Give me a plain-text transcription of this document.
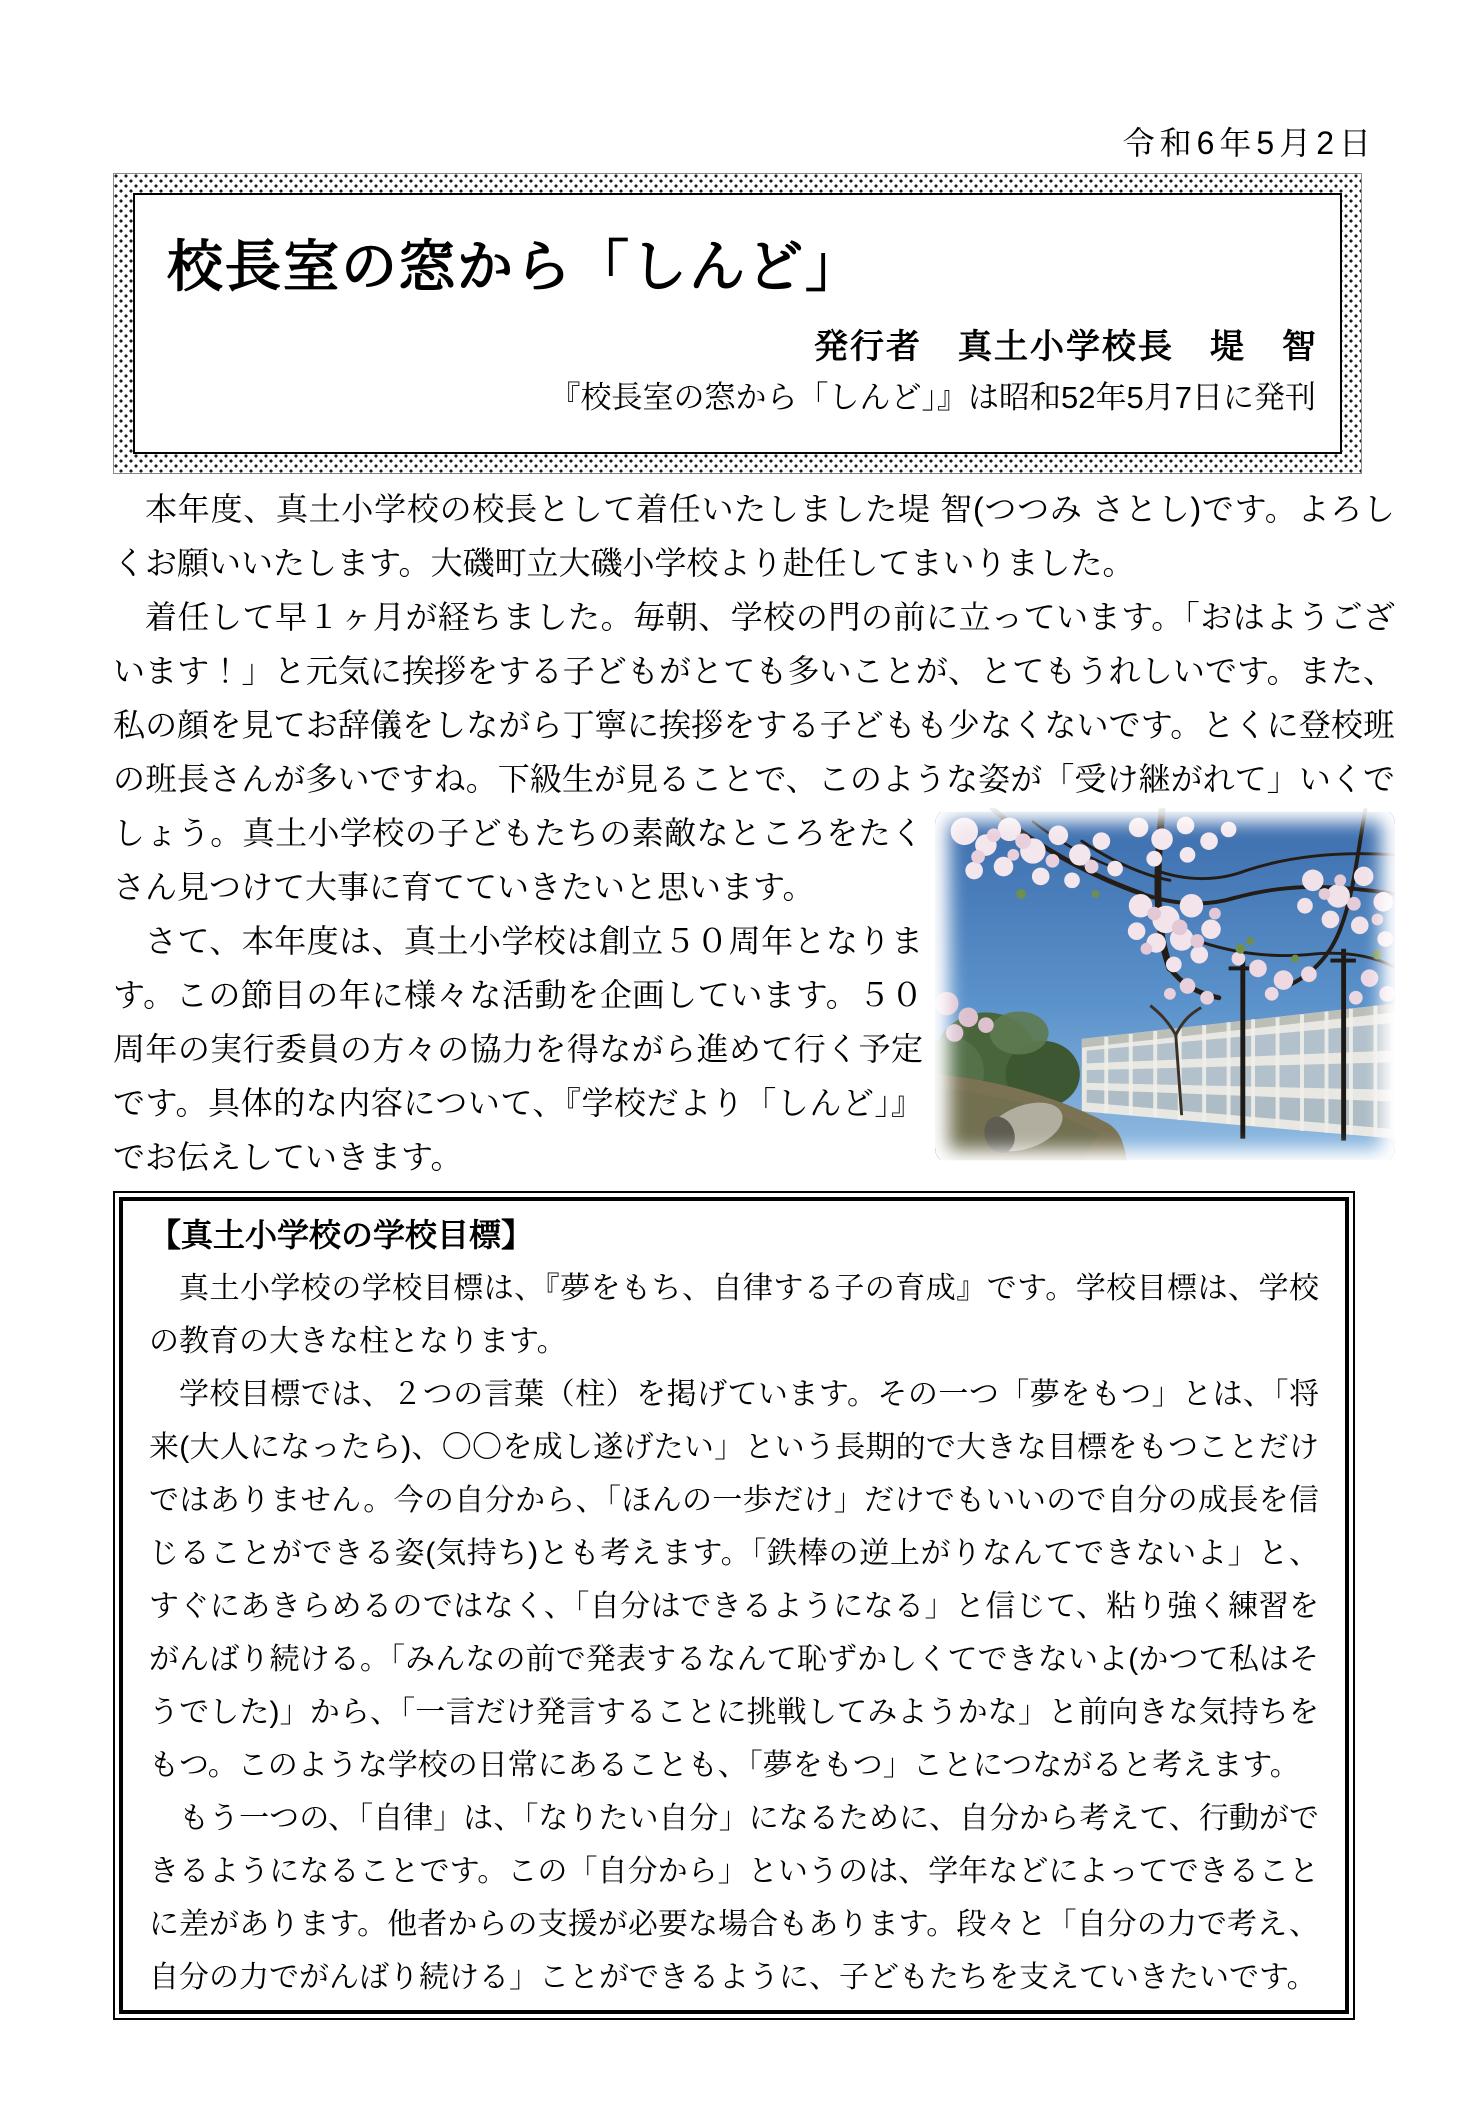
令和6年5月2日
校長室の窓から「しんど」
発行者　真土小学校長　堤　智
『校長室の窓から「しんど」』は昭和52年5月7日に発刊

本年度、真土小学校の校長として着任いたしました堤 智(つつみ さとし)です。よろしくお願いいたします。大磯町立大磯小学校より赴任してまいりました。

着任して早１ヶ月が経ちました。毎朝、学校の門の前に立っています。「おはようございます！」と元気に挨拶をする子どもがとても多いことが、とてもうれしいです。また、私の顔を見てお辞儀をしながら丁寧に挨拶をする子どもも少なくないです。とくに登校班の班長さんが多いですね。下級生が見ることで、このような姿が「受け継がれて」いくでしょう。
真土小学校の子どもたちの素敵なところをたくさん見つけて大事に育てていきたいと思います。

さて、本年度は、真土小学校は創立５０周年となります。この節目の年に様々な活動を企画しています。５０周年の実行委員の方々の協力を得ながら進めて行く予定です。具体的な内容について、『学校だより「しんど」』でお伝えしていきます。

【真土小学校の学校目標】

真土小学校の学校目標は、『夢をもち、自律する子の育成』です。学校目標は、学校の教育の大きな柱となります。

学校目標では、２つの言葉（柱）を掲げています。その一つ「夢をもつ」とは、「将来(大人になったら)、〇〇を成し遂げたい」という長期的で大きな目標をもつことだけではありません。今の自分から、「ほんの一歩だけ」だけでもいいので自分の成長を信じることができる姿(気持ち)とも考えます。「鉄棒の逆上がりなんてできないよ」と、すぐにあきらめるのではなく、「自分はできるようになる」と信じて、粘り強く練習をがんばり続ける。「みんなの前で発表するなんて恥ずかしくてできないよ(かつて私はそうでした)」から、「一言だけ発言することに挑戦してみようかな」と前向きな気持ちをもつ。このような学校の日常にあることも、「夢をもつ」ことにつながると考えます。

もう一つの、「自律」は、「なりたい自分」になるために、自分から考えて、行動ができるようになることです。この「自分から」というのは、学年などによってできることに差があります。他者からの支援が必要な場合もあります。段々と「自分の力で考え、自分の力でがんばり続ける」ことができるように、子どもたちを支えていきたいです。
